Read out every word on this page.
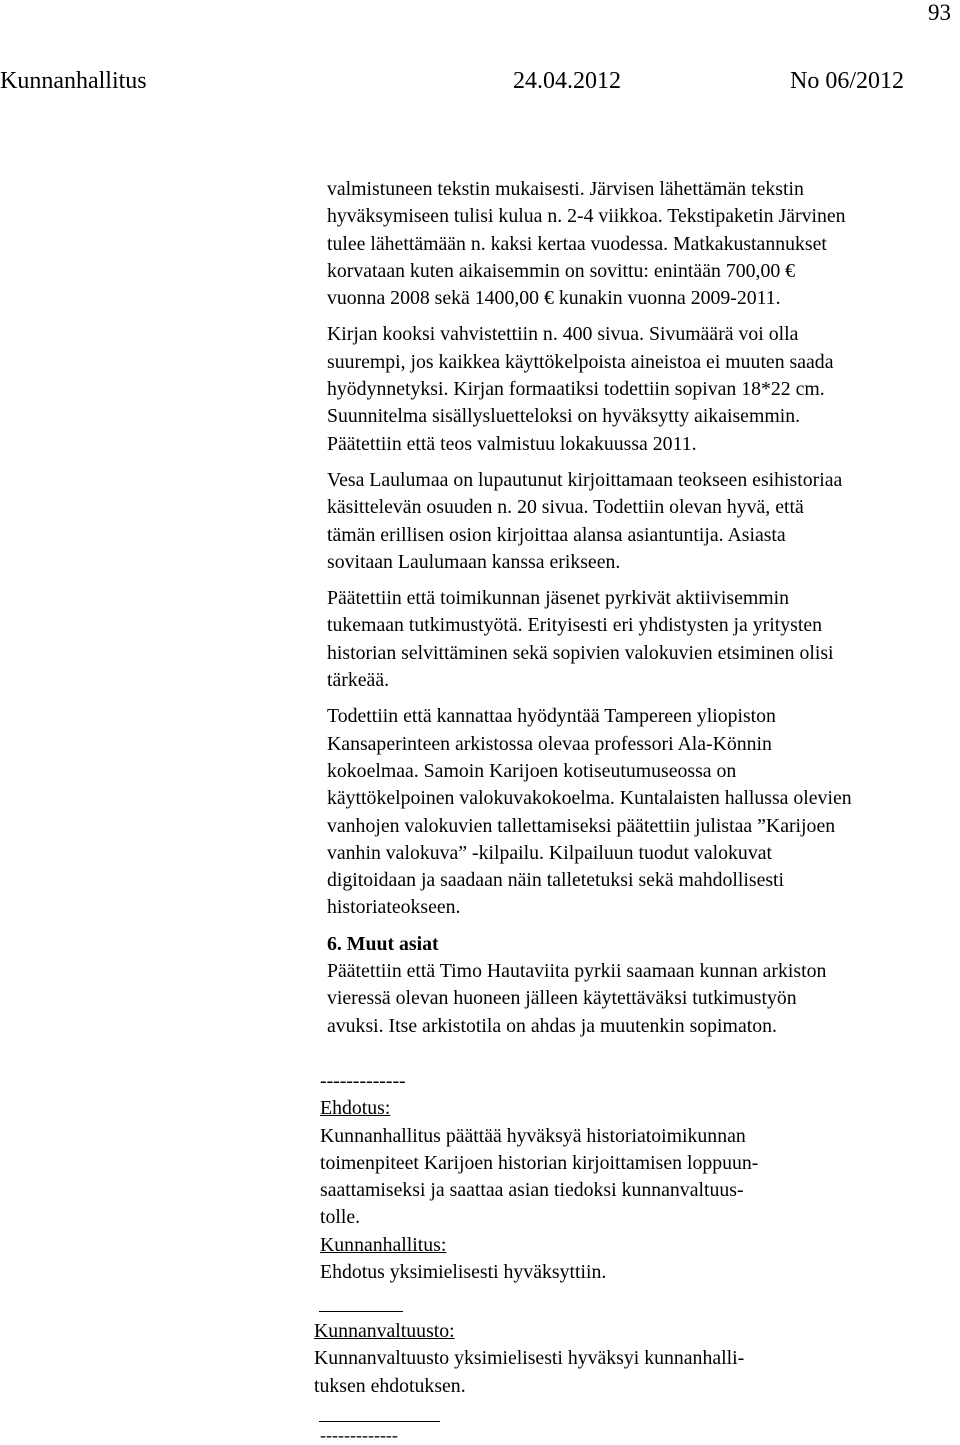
93
Kunnanhallitus	24.04.2012	No 06/2012

valmistuneen tekstin mukaisesti. Järvisen lähettämän tekstin
hyväksymiseen tulisi kulua n. 2-4 viikkoa. Tekstipaketin Järvinen
tulee lähettämään n. kaksi kertaa vuodessa. Matkakustannukset
korvataan kuten aikaisemmin on sovittu: enintään 700,00 €
vuonna 2008 sekä 1400,00 € kunakin vuonna 2009-2011.

Kirjan kooksi vahvistettiin n. 400 sivua. Sivumäärä voi olla
suurempi, jos kaikkea käyttökelpoista aineistoa ei muuten saada
hyödynnetyksi. Kirjan formaatiksi todettiin sopivan 18*22 cm.
Suunnitelma sisällysluetteloksi on hyväksytty aikaisemmin.
Päätettiin että teos valmistuu lokakuussa 2011.

Vesa Laulumaa on lupautunut kirjoittamaan teokseen esihistoriaa
käsittelevän osuuden n. 20 sivua. Todettiin olevan hyvä, että
tämän erillisen osion kirjoittaa alansa asiantuntija. Asiasta
sovitaan Laulumaan kanssa erikseen.

Päätettiin että toimikunnan jäsenet pyrkivät aktiivisemmin
tukemaan tutkimustyötä. Erityisesti eri yhdistysten ja yritysten
historian selvittäminen sekä sopivien valokuvien etsiminen olisi
tärkeää.

Todettiin että kannattaa hyödyntää Tampereen yliopiston
Kansaperinteen arkistossa olevaa professori Ala-Könnin
kokoelmaa. Samoin Karijoen kotiseutumuseossa on
käyttökelpoinen valokuvakokoelma. Kuntalaisten hallussa olevien
vanhojen valokuvien tallettamiseksi päätettiin julistaa ”Karijoen
vanhin valokuva” -kilpailu. Kilpailuun tuodut valokuvat
digitoidaan ja saadaan näin talletetuksi sekä mahdollisesti
historiateokseen.

6. Muut asiat
Päätettiin että Timo Hautaviita pyrkii saamaan kunnan arkiston
vieressä olevan huoneen jälleen käytettäväksi tutkimustyön
avuksi. Itse arkistotila on ahdas ja muutenkin sopimaton.

-------------
Ehdotus:
Kunnanhallitus päättää hyväksyä historiatoimikunnan
toimenpiteet Karijoen historian kirjoittamisen loppuun-
saattamiseksi ja saattaa asian tiedoksi kunnanvaltuus-
tolle.
Kunnanhallitus:
Ehdotus yksimielisesti hyväksyttiin.
Kunnanvaltuusto:
Kunnanvaltuusto yksimielisesti hyväksyi kunnanhalli-
tuksen ehdotuksen.
-------------
